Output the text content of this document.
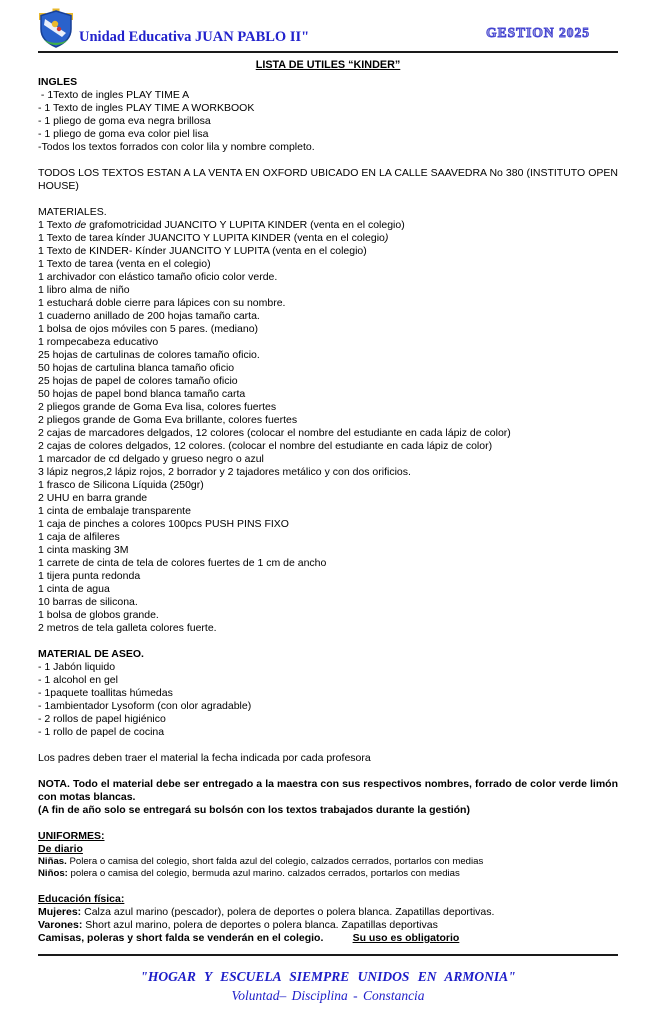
Unidad Educativa JUAN PABLO II"	GESTION 2025
LISTA DE UTILES “KINDER”
INGLES
- 1Texto de ingles PLAY TIME A
- 1 Texto de ingles PLAY TIME A WORKBOOK
- 1 pliego de goma eva negra brillosa
- 1 pliego de goma eva color piel lisa
-Todos los textos forrados con color lila y nombre completo.
TODOS LOS TEXTOS ESTAN A LA VENTA EN OXFORD UBICADO EN LA CALLE SAAVEDRA No 380 (INSTITUTO OPEN HOUSE)
MATERIALES.
1 Texto de grafomotricidad JUANCITO Y LUPITA KINDER (venta en el colegio)
1 Texto de tarea kínder JUANCITO Y LUPITA KINDER (venta en el colegio)
1 Texto de KINDER- Kínder JUANCITO Y LUPITA (venta en el colegio)
1 Texto de tarea (venta en el colegio)
1 archivador con elástico tamaño oficio color verde.
1 libro alma de niño
1 estuchará doble cierre para lápices con su nombre.
1 cuaderno anillado de 200 hojas tamaño carta.
1 bolsa de ojos móviles con 5 pares. (mediano)
1 rompecabeza educativo
25 hojas de cartulinas de colores tamaño oficio.
50 hojas de cartulina blanca tamaño oficio
25 hojas de papel de colores tamaño oficio
50 hojas de papel bond blanca tamaño carta
2 pliegos grande de Goma Eva lisa, colores fuertes
2 pliegos grande de Goma Eva brillante, colores fuertes
2 cajas de marcadores delgados, 12 colores (colocar el nombre del estudiante en cada lápiz de color)
2 cajas de colores delgados, 12 colores. (colocar el nombre del estudiante en cada lápiz de color)
1 marcador de cd delgado y grueso negro o azul
3 lápiz negros,2 lápiz rojos, 2 borrador y 2 tajadores metálico y con dos orificios.
1 frasco de Silicona Líquida (250gr)
2 UHU en barra grande
1 cinta de embalaje transparente
1 caja de pinches a colores 100pcs PUSH PINS FIXO
1 caja de alfileres
1 cinta masking 3M
1 carrete de cinta de tela de colores fuertes de 1 cm de ancho
1 tijera punta redonda
1 cinta de agua
10 barras de silicona.
1 bolsa de globos grande.
2 metros de tela galleta colores fuerte.
MATERIAL DE ASEO.
- 1 Jabón liquido
- 1 alcohol en gel
- 1paquete toallitas húmedas
- 1ambientador Lysoform (con olor agradable)
- 2 rollos de papel higiénico
- 1 rollo de papel de cocina
Los padres deben traer el material la fecha indicada por cada profesora
NOTA. Todo el material debe ser entregado a la maestra con sus respectivos nombres, forrado de color verde limón con motas blancas.
(A fin de año solo se entregará su bolsón con los textos trabajados durante la gestión)
UNIFORMES:
De diario
Niñas. Polera o camisa del colegio, short falda azul del colegio, calzados cerrados, portarlos con medias
Niños: polera o camisa del colegio, bermuda azul marino. calzados cerrados, portarlos con medias
Educación física:
Mujeres: Calza azul marino (pescador), polera de deportes o polera blanca. Zapatillas deportivas.
Varones: Short azul marino, polera de deportes o polera blanca. Zapatillas deportivas
Camisas, poleras y short falda se venderán en el colegio.	Su uso es obligatorio
"HOGAR Y ESCUELA SIEMPRE UNIDOS EN ARMONIA"
Voluntad– Disciplina - Constancia
